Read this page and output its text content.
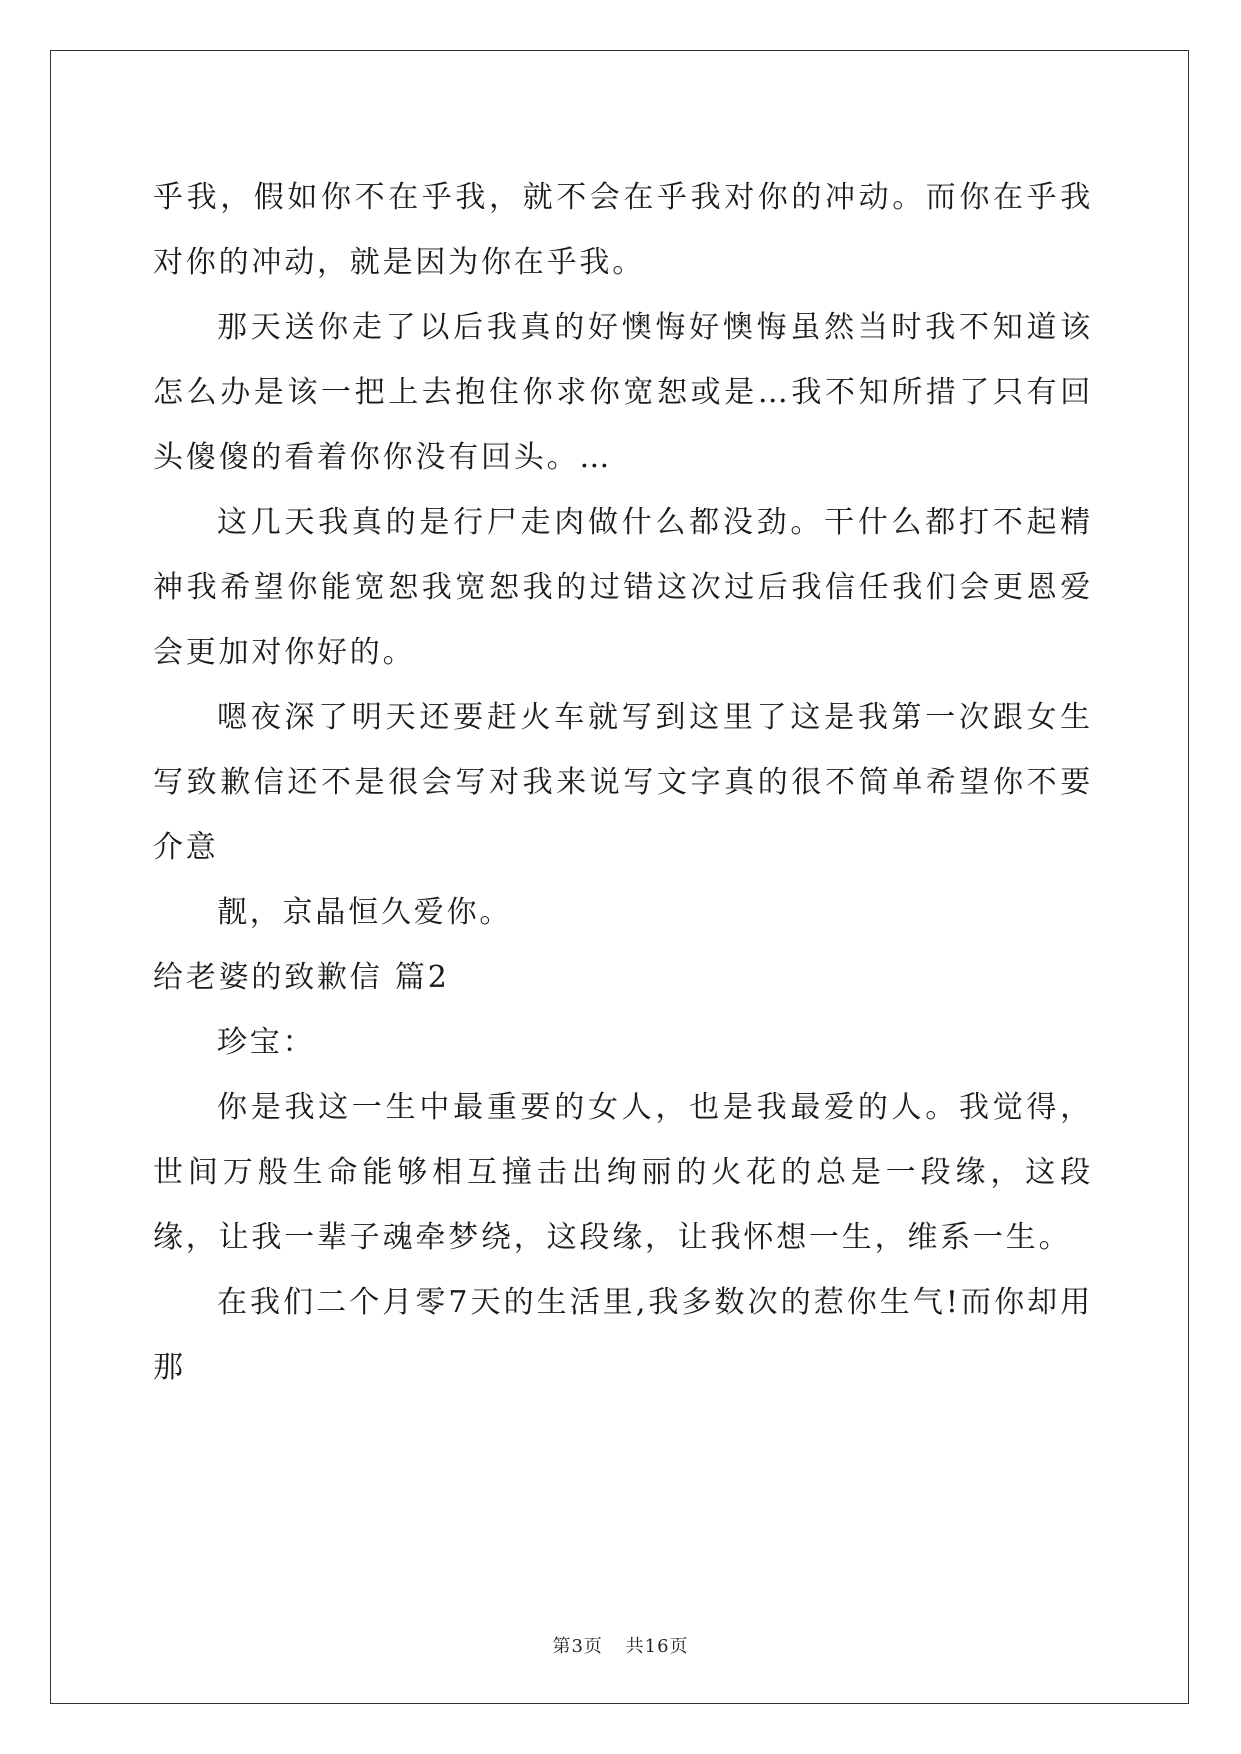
乎我，假如你不在乎我，就不会在乎我对你的冲动。而你在乎我对你的冲动，就是因为你在乎我。

那天送你走了以后我真的好懊悔好懊悔虽然当时我不知道该怎么办是该一把上去抱住你求你宽恕或是…我不知所措了只有回头傻傻的看着你你没有回头。…

这几天我真的是行尸走肉做什么都没劲。干什么都打不起精神我希望你能宽恕我宽恕我的过错这次过后我信任我们会更恩爱会更加对你好的。

嗯夜深了明天还要赶火车就写到这里了这是我第一次跟女生写致歉信还不是很会写对我来说写文字真的很不简单希望你不要介意

靓，京晶恒久爱你。

给老婆的致歉信 篇2

珍宝：

你是我这一生中最重要的女人，也是我最爱的人。我觉得，世间万般生命能够相互撞击出绚丽的火花的总是一段缘，这段缘，让我一辈子魂牵梦绕，这段缘，让我怀想一生，维系一生。

在我们二个月零7天的生活里,我多数次的惹你生气!而你却用那

第3页 共16页
